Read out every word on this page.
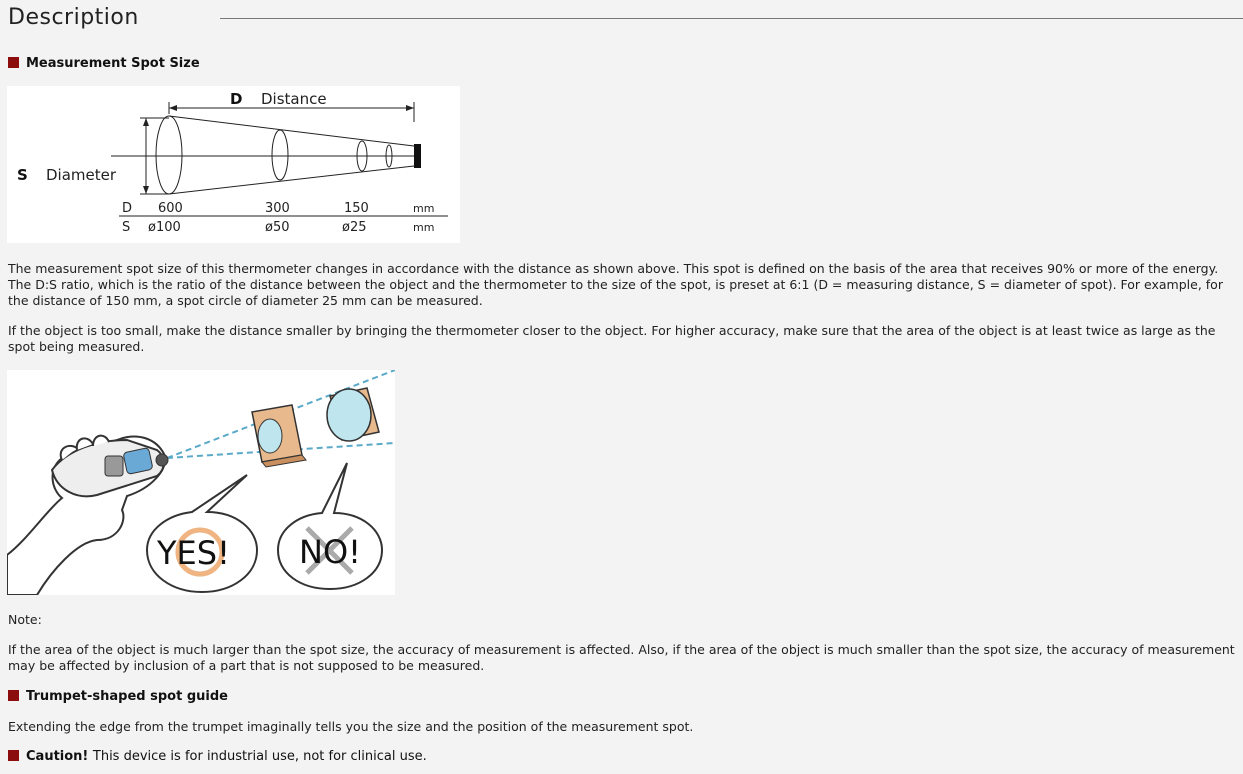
Description
Measurement Spot Size
D Distance
S Diameter
D 600	300	150	mm
S ø100	ø50	ø25	mm
The measurement spot size of this thermometer changes in accordance with the distance as shown above. This spot is defined on the basis of the area that receives 90% or more of the energy. The D:S ratio, which is the ratio of the distance between the object and the thermometer to the size of the spot, is preset at 6:1 (D = measuring distance, S = diameter of spot). For example, for the distance of 150 mm, a spot circle of diameter 25 mm can be measured.
If the object is too small, make the distance smaller by bringing the thermometer closer to the object. For higher accuracy, make sure that the area of the object is at least twice as large as the spot being measured.
YES! NO!
Note:
If the area of the object is much larger than the spot size, the accuracy of measurement is affected. Also, if the area of the object is much smaller than the spot size, the accuracy of measurement may be affected by inclusion of a part that is not supposed to be measured.
Trumpet-shaped spot guide
Extending the edge from the trumpet imaginally tells you the size and the position of the measurement spot.
Caution! This device is for industrial use, not for clinical use.
